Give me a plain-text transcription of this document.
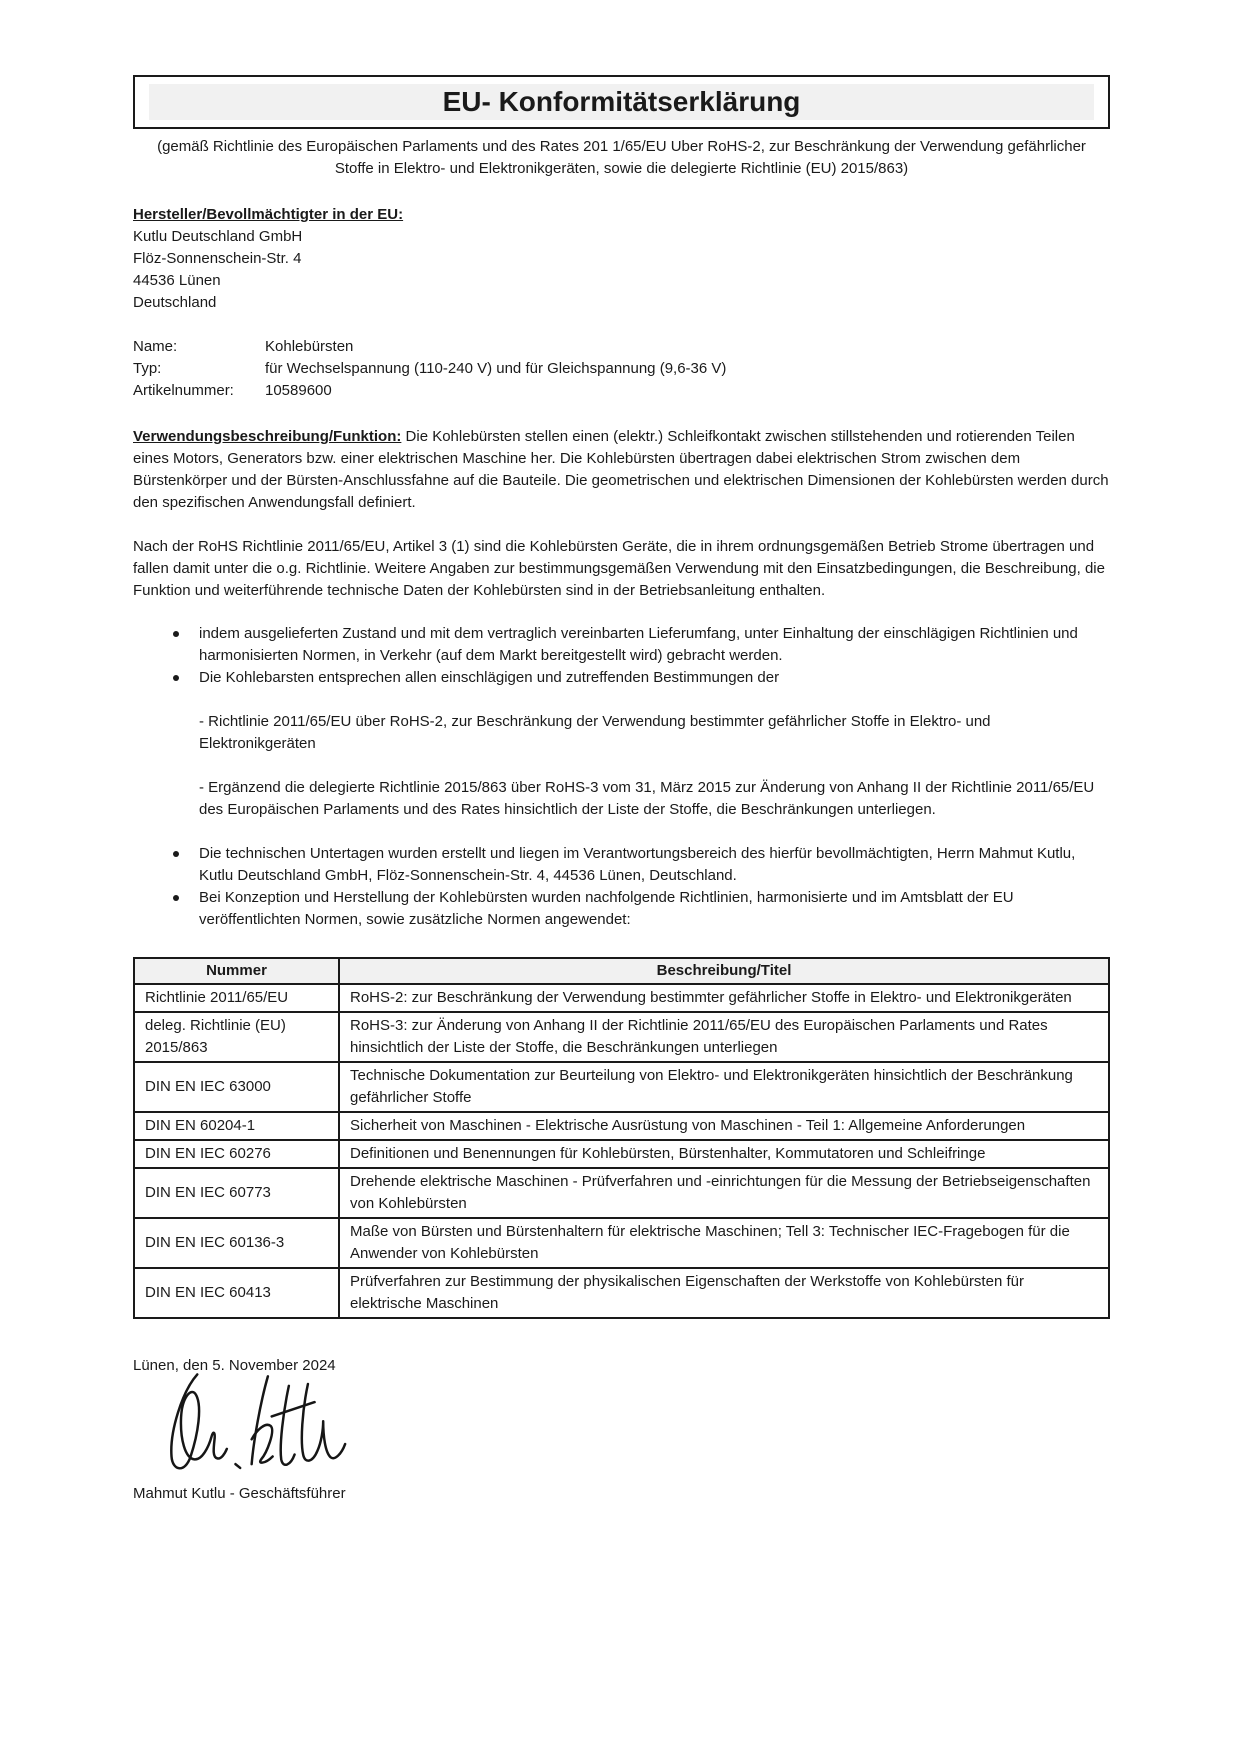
EU- Konformitätserklärung
(gemäß Richtlinie des Europäischen Parlaments und des Rates 201 1/65/EU Uber RoHS-2, zur Beschränkung der Verwendung gefährlicher Stoffe in Elektro- und Elektronikgeräten, sowie die delegierte Richtlinie (EU) 2015/863)
Hersteller/Bevollmächtigter in der EU:
Kutlu Deutschland GmbH
Flöz-Sonnenschein-Str. 4
44536 Lünen
Deutschland
Name:	Kohlebürsten
Typ:	für Wechselspannung (110-240 V) und für Gleichspannung (9,6-36 V)
Artikelnummer:	10589600
Verwendungsbeschreibung/Funktion: Die Kohlebürsten stellen einen (elektr.) Schleifkontakt zwischen stillstehenden und rotierenden Teilen eines Motors, Generators bzw. einer elektrischen Maschine her. Die Kohlebürsten übertragen dabei elektrischen Strom zwischen dem Bürstenkörper und der Bürsten-Anschlussfahne auf die Bauteile. Die geometrischen und elektrischen Dimensionen der Kohlebürsten werden durch den spezifischen Anwendungsfall definiert.
Nach der RoHS Richtlinie 2011/65/EU, Artikel 3 (1) sind die Kohlebürsten Geräte, die in ihrem ordnungsgemäßen Betrieb Strome übertragen und fallen damit unter die o.g. Richtlinie. Weitere Angaben zur bestimmungsgemäßen Verwendung mit den Einsatzbedingungen, die Beschreibung, die Funktion und weiterführende technische Daten der Kohlebürsten sind in der Betriebsanleitung enthalten.
indem ausgelieferten Zustand und mit dem vertraglich vereinbarten Lieferumfang, unter Einhaltung der einschlägigen Richtlinien und harmonisierten Normen, in Verkehr (auf dem Markt bereitgestellt wird) gebracht werden.
Die Kohlebarsten entsprechen allen einschlägigen und zutreffenden Bestimmungen der
- Richtlinie 2011/65/EU über RoHS-2, zur Beschränkung der Verwendung bestimmter gefährlicher Stoffe in Elektro- und Elektronikgeräten
- Ergänzend die delegierte Richtlinie 2015/863 über RoHS-3 vom 31, März 2015 zur Änderung von Anhang II der Richtlinie 2011/65/EU des Europäischen Parlaments und des Rates hinsichtlich der Liste der Stoffe, die Beschränkungen unterliegen.
Die technischen Untertagen wurden erstellt und liegen im Verantwortungsbereich des hierfür bevollmächtigten, Herrn Mahmut Kutlu, Kutlu Deutschland GmbH, Flöz-Sonnenschein-Str. 4, 44536 Lünen, Deutschland.
Bei Konzeption und Herstellung der Kohlebürsten wurden nachfolgende Richtlinien, harmonisierte und im Amtsblatt der EU veröffentlichten Normen, sowie zusätzliche Normen angewendet:
Nummer	Beschreibung/Titel
Richtlinie 2011/65/EU	RoHS-2: zur Beschränkung der Verwendung bestimmter gefährlicher Stoffe in Elektro- und Elektronikgeräten
deleg. Richtlinie (EU) 2015/863	RoHS-3: zur Änderung von Anhang II der Richtlinie 2011/65/EU des Europäischen Parlaments und Rates hinsichtlich der Liste der Stoffe, die Beschränkungen unterliegen
DIN EN IEC 63000	Technische Dokumentation zur Beurteilung von Elektro- und Elektronikgeräten hinsichtlich der Beschränkung gefährlicher Stoffe
DIN EN 60204-1	Sicherheit von Maschinen - Elektrische Ausrüstung von Maschinen - Teil 1: Allgemeine Anforderungen
DIN EN IEC 60276	Definitionen und Benennungen für Kohlebürsten, Bürstenhalter, Kommutatoren und Schleifringe
DIN EN IEC 60773	Drehende elektrische Maschinen - Prüfverfahren und -einrichtungen für die Messung der Betriebseigenschaften von Kohlebürsten
DIN EN IEC 60136-3	Maße von Bürsten und Bürstenhaltern für elektrische Maschinen; Tell 3: Technischer IEC-Fragebogen für die Anwender von Kohlebürsten
DIN EN IEC 60413	Prüfverfahren zur Bestimmung der physikalischen Eigenschaften der Werkstoffe von Kohlebürsten für elektrische Maschinen
Lünen, den 5. November 2024
Mahmut Kutlu - Geschäftsführer
